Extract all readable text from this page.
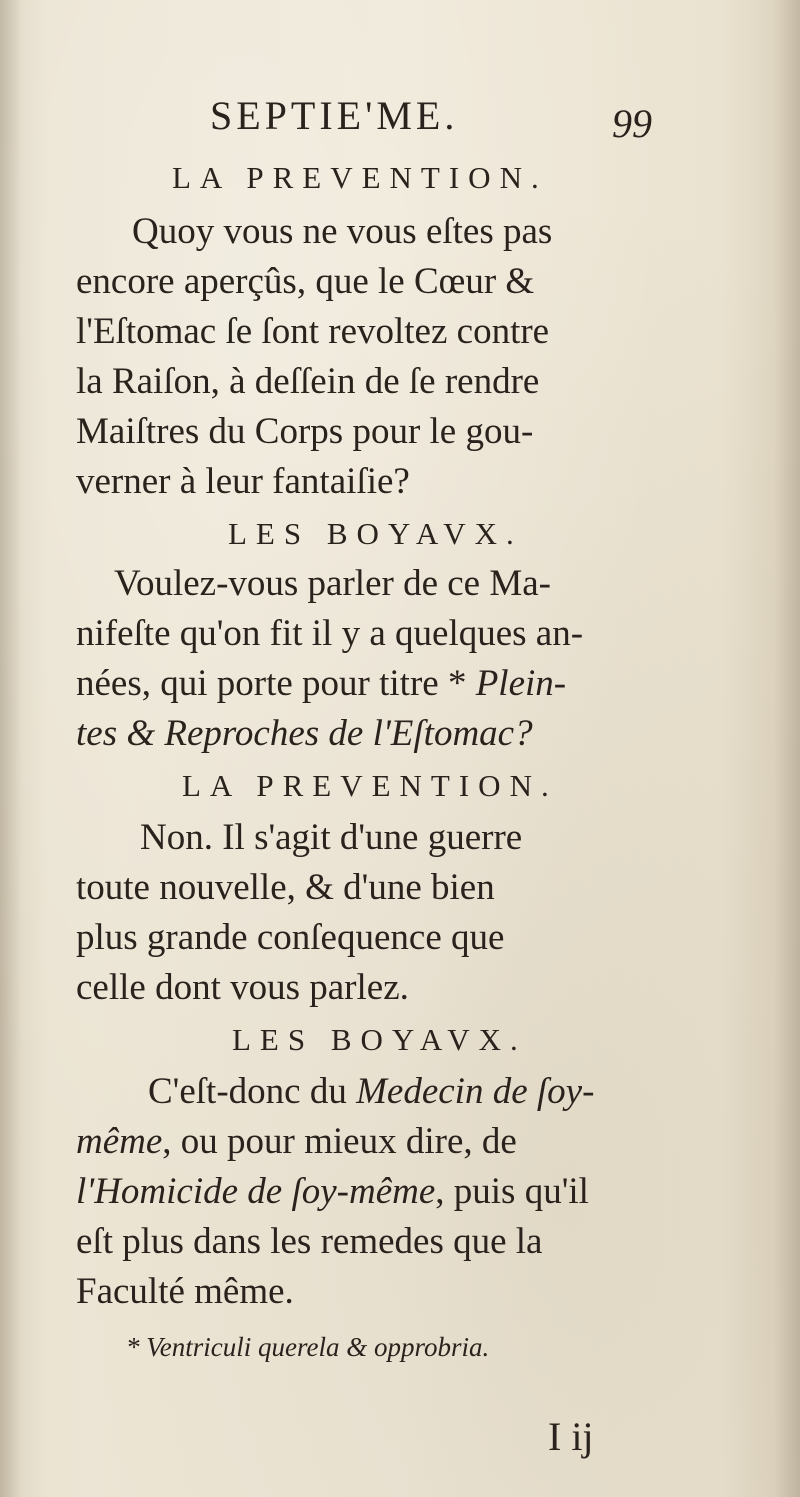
SEPTIE'ME.	99
LA PREVENTION.
Quoy vous ne vous eſtes pas
encore aperçûs, que le Cœur &
l'Eſtomac ſe ſont revoltez contre
la Raiſon, à deſſein de ſe rendre
Maiſtres du Corps pour le gou-
verner à leur fantaiſie?
LES BOYAVX.
Voulez-vous parler de ce Ma-
nifeſte qu'on fit il y a quelques an-
nées, qui porte pour titre * Plein-
tes & Reproches de l'Eſtomac?
LA PREVENTION.
Non. Il s'agit d'une guerre
toute nouvelle, & d'une bien
plus grande conſequence que
celle dont vous parlez.
LES BOYAVX.
C'eſt-donc du Medecin de ſoy-
même, ou pour mieux dire, de
l'Homicide de ſoy-même, puis qu'il
eſt plus dans les remedes que la
Faculté même.
* Ventriculi querela & opprobria.
I ij
